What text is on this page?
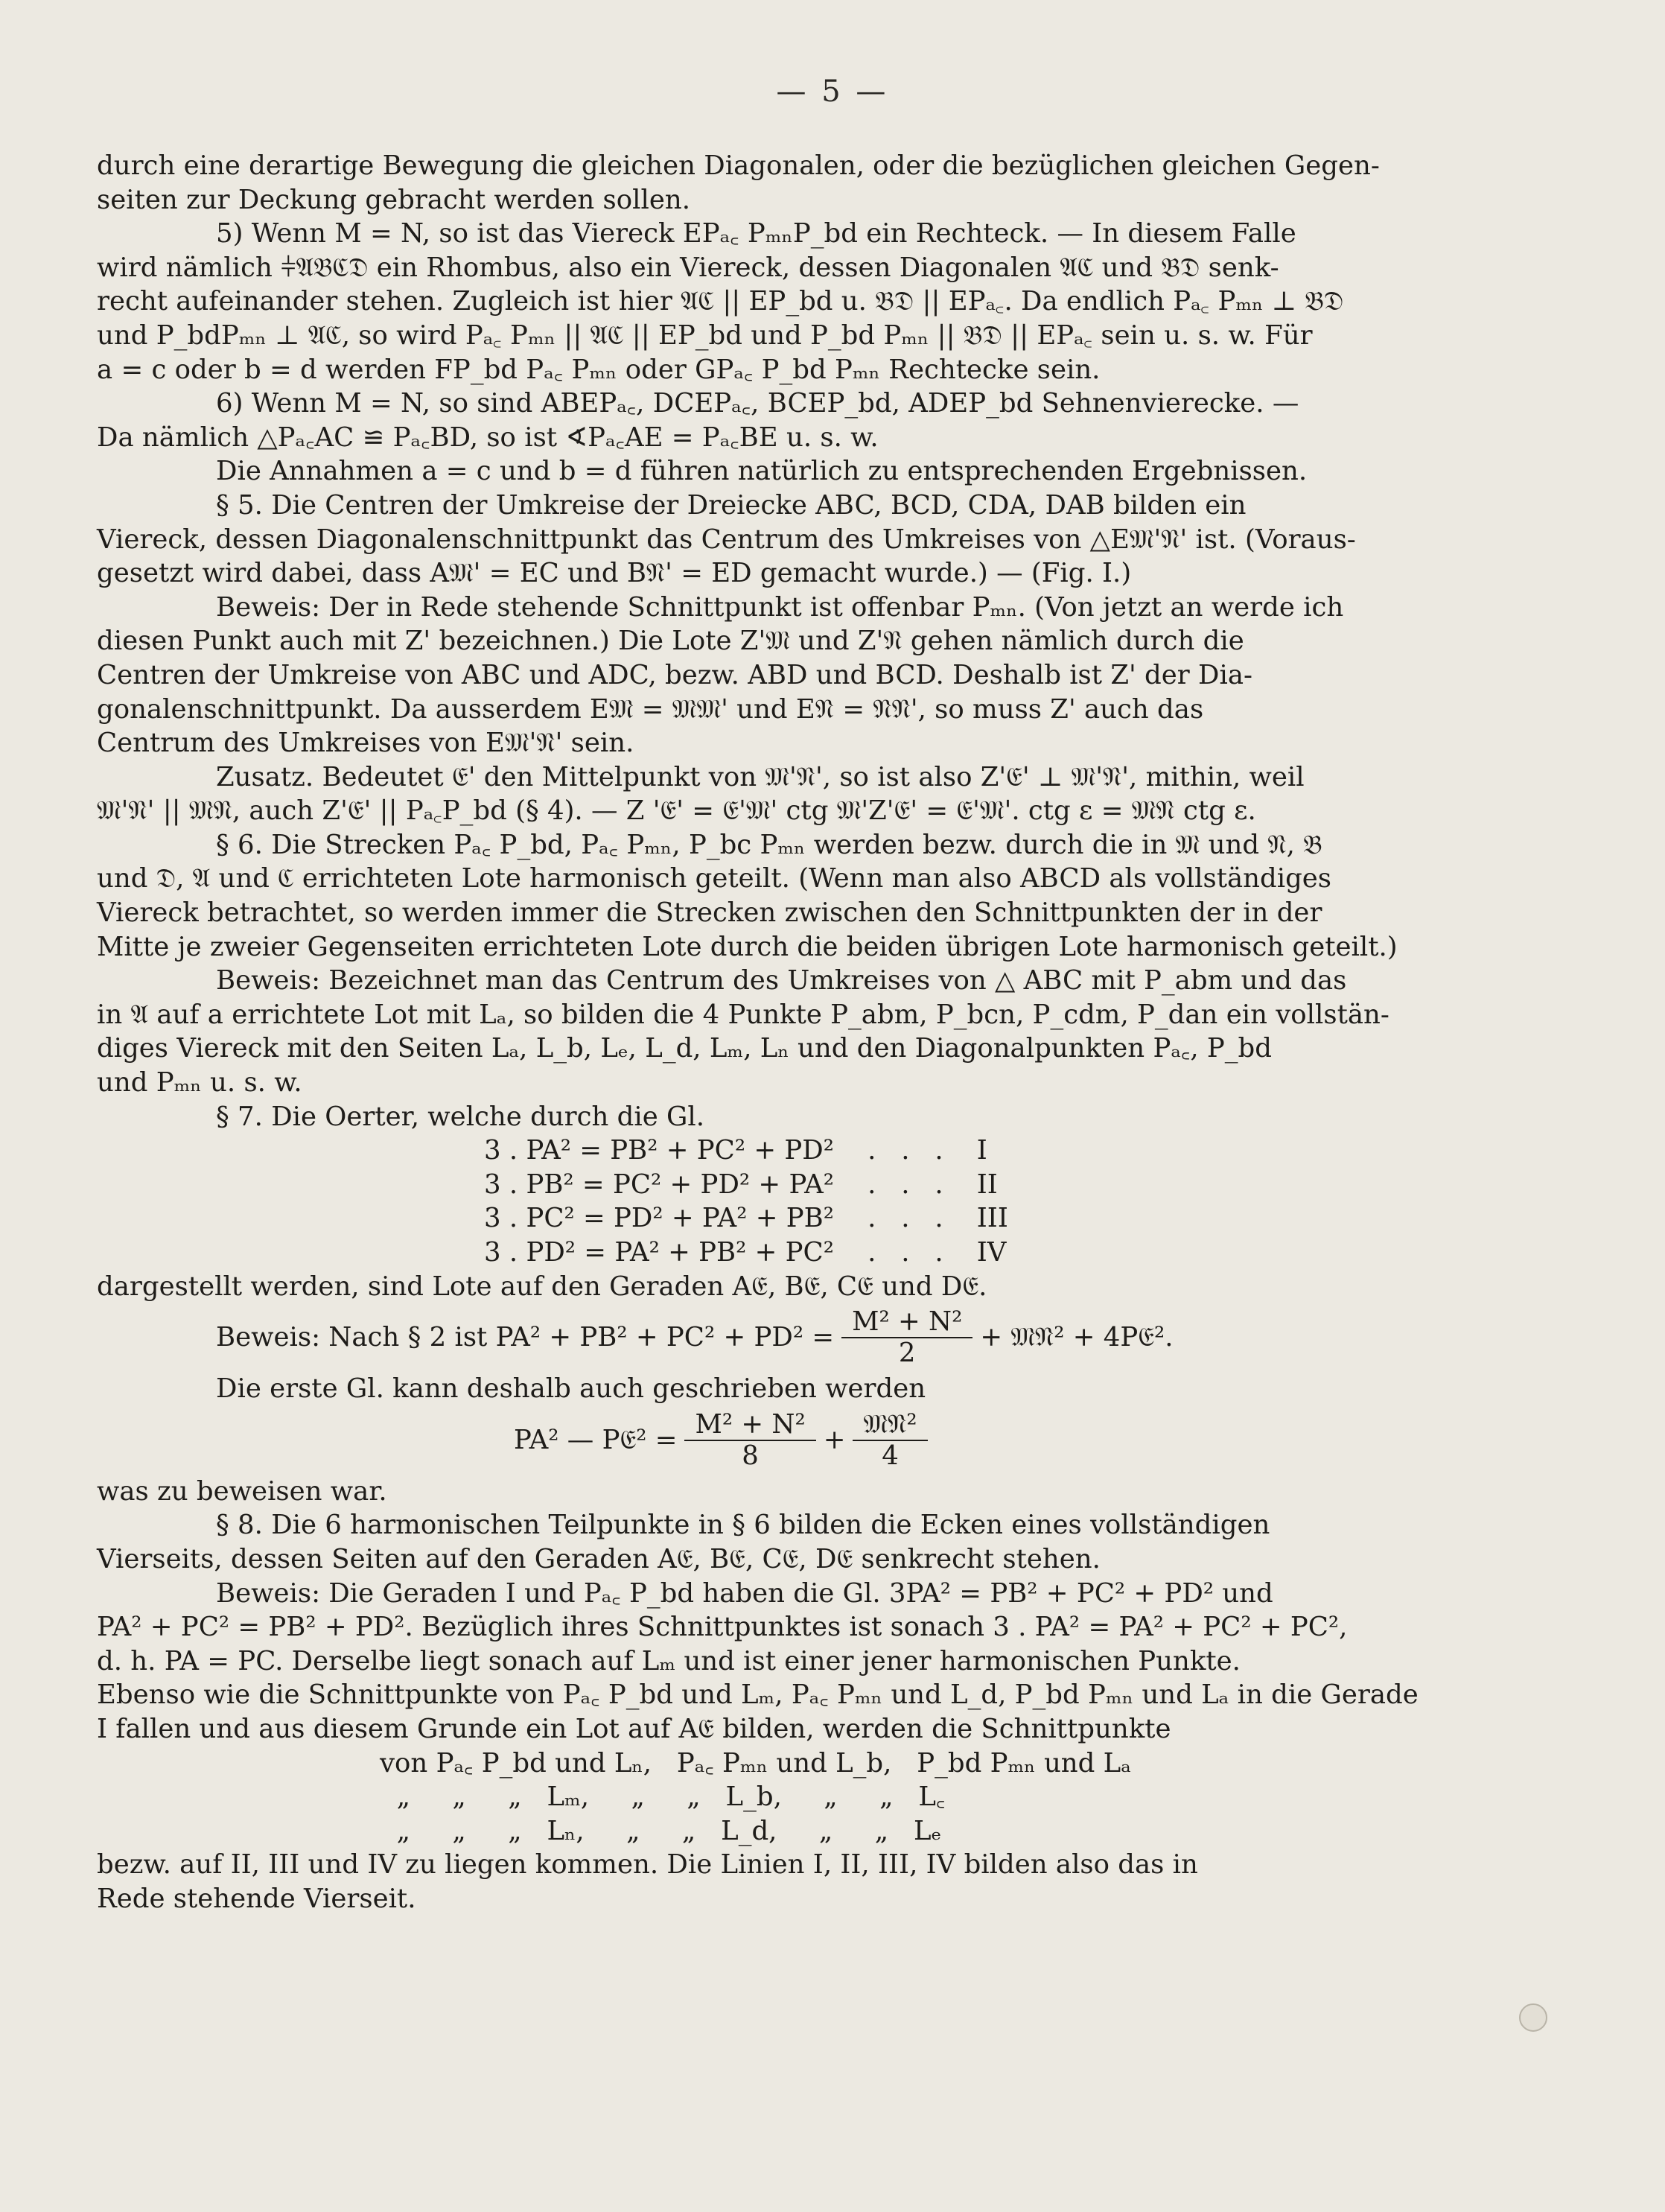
— 5 —
durch eine derartige Bewegung die gleichen Diagonalen, oder die bezüglichen gleichen Gegen-
seiten zur Deckung gebracht werden sollen.
5) Wenn M = N, so ist das Viereck EPₐ꜀ PₘₙP_bd ein Rechteck. — In diesem Falle
wird nämlich ⫩𝔄𝔅ℭ𝔇 ein Rhombus, also ein Viereck, dessen Diagonalen 𝔄ℭ und 𝔅𝔇 senk-
recht aufeinander stehen. Zugleich ist hier 𝔄ℭ || EP_bd u. 𝔅𝔇 || EPₐ꜀. Da endlich Pₐ꜀ Pₘₙ ⊥ 𝔅𝔇
und P_bdPₘₙ ⊥ 𝔄ℭ, so wird Pₐ꜀ Pₘₙ || 𝔄ℭ || EP_bd und P_bd Pₘₙ || 𝔅𝔇 || EPₐ꜀ sein u. s. w. Für
a = c oder b = d werden FP_bd Pₐ꜀ Pₘₙ oder GPₐ꜀ P_bd Pₘₙ Rechtecke sein.
6) Wenn M = N, so sind ABEPₐ꜀, DCEPₐ꜀, BCEP_bd, ADEP_bd Sehnenvierecke. —
Da nämlich △Pₐ꜀AC ≌ Pₐ꜀BD, so ist ∢Pₐ꜀AE = Pₐ꜀BE u. s. w.
Die Annahmen a = c und b = d führen natürlich zu entsprechenden Ergebnissen.
§ 5. Die Centren der Umkreise der Dreiecke ABC, BCD, CDA, DAB bilden ein
Viereck, dessen Diagonalenschnittpunkt das Centrum des Umkreises von △E𝔐'𝔑' ist. (Voraus-
gesetzt wird dabei, dass A𝔐' = EC und B𝔑' = ED gemacht wurde.) — (Fig. I.)
Beweis: Der in Rede stehende Schnittpunkt ist offenbar Pₘₙ. (Von jetzt an werde ich
diesen Punkt auch mit Z' bezeichnen.) Die Lote Z'𝔐 und Z'𝔑 gehen nämlich durch die
Centren der Umkreise von ABC und ADC, bezw. ABD und BCD. Deshalb ist Z' der Dia-
gonalenschnittpunkt. Da ausserdem E𝔐 = 𝔐𝔐' und E𝔑 = 𝔑𝔑', so muss Z' auch das
Centrum des Umkreises von E𝔐'𝔑' sein.
Zusatz. Bedeutet 𝔈' den Mittelpunkt von 𝔐'𝔑', so ist also Z'𝔈' ⊥ 𝔐'𝔑', mithin, weil
𝔐'𝔑' || 𝔐𝔑, auch Z'𝔈' || Pₐ꜀P_bd (§ 4). — Z '𝔈' = 𝔈'𝔐' ctg 𝔐'Z'𝔈' = 𝔈'𝔐'. ctg ε = 𝔐𝔑 ctg ε.
§ 6. Die Strecken Pₐ꜀ P_bd, Pₐ꜀ Pₘₙ, P_bc Pₘₙ werden bezw. durch die in 𝔐 und 𝔑, 𝔅
und 𝔇, 𝔄 und ℭ errichteten Lote harmonisch geteilt. (Wenn man also ABCD als vollständiges
Viereck betrachtet, so werden immer die Strecken zwischen den Schnittpunkten der in der
Mitte je zweier Gegenseiten errichteten Lote durch die beiden übrigen Lote harmonisch geteilt.)
Beweis: Bezeichnet man das Centrum des Umkreises von △ ABC mit P_abm und das
in 𝔄 auf a errichtete Lot mit Lₐ, so bilden die 4 Punkte P_abm, P_bcn, P_cdm, P_dan ein vollstän-
diges Viereck mit den Seiten Lₐ, L_b, Lₑ, L_d, Lₘ, Lₙ und den Diagonalpunkten Pₐ꜀, P_bd
und Pₘₙ u. s. w.
§ 7. Die Oerter, welche durch die Gl.
3 . PA² = PB² + PC² + PD²    .   .   .    I
3 . PB² = PC² + PD² + PA²    .   .   .    II
3 . PC² = PD² + PA² + PB²    .   .   .    III
3 . PD² = PA² + PB² + PC²    .   .   .    IV
dargestellt werden, sind Lote auf den Geraden A𝔈, B𝔈, C𝔈 und D𝔈.
Beweis: Nach § 2 ist $PA^2 + PB^2 + PC^2 + PD^2 = \frac{\text{M² + N²}}{2}$ + 𝔐𝔑² + 4P𝔈².
Die erste Gl. kann deshalb auch geschrieben werden
PA² — P𝔈² = $\frac{\text{M² + N²}}{8} + \frac{\text{𝔐𝔑²}}{4}$
was zu beweisen war.
§ 8. Die 6 harmonischen Teilpunkte in § 6 bilden die Ecken eines vollständigen
Vierseits, dessen Seiten auf den Geraden A𝔈, B𝔈, C𝔈, D𝔈 senkrecht stehen.
Beweis: Die Geraden I und Pₐ꜀ P_bd haben die Gl. 3PA² = PB² + PC² + PD² und
PA² + PC² = PB² + PD². Bezüglich ihres Schnittpunktes ist sonach 3 . PA² = PA² + PC² + PC²,
d. h. PA = PC. Derselbe liegt sonach auf Lₘ und ist einer jener harmonischen Punkte.
Ebenso wie die Schnittpunkte von Pₐ꜀ P_bd und Lₘ, Pₐ꜀ Pₘₙ und L_d, P_bd Pₘₙ und Lₐ in die Gerade
I fallen und aus diesem Grunde ein Lot auf A𝔈 bilden, werden die Schnittpunkte
von Pₐ꜀ P_bd und Lₙ,   Pₐ꜀ Pₘₙ und L_b,   P_bd Pₘₙ und Lₐ
„     „     „   Lₘ,     „     „   L_b,     „     „   L꜀
„     „     „   Lₙ,     „     „   L_d,     „     „   Lₑ
bezw. auf II, III und IV zu liegen kommen. Die Linien I, II, III, IV bilden also das in
Rede stehende Vierseit.
